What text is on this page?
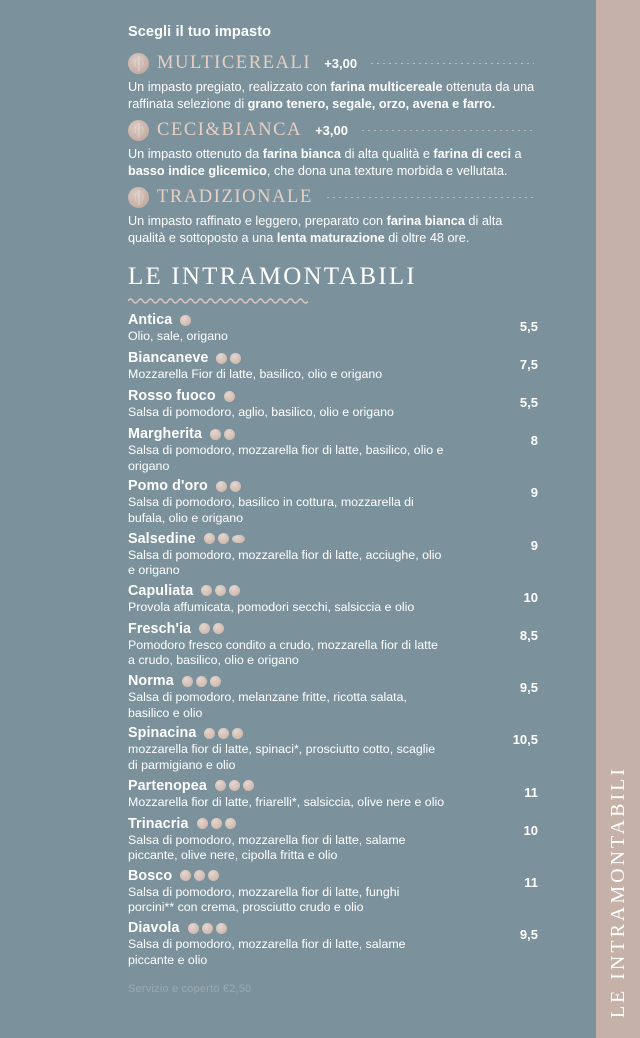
Scegli il tuo impasto
MULTICEREALI +3,00
Un impasto pregiato, realizzato con farina multicereale ottenuta da una raffinata selezione di grano tenero, segale, orzo, avena e farro.
CECI&BIANCA +3,00
Un impasto ottenuto da farina bianca di alta qualità e farina di ceci a basso indice glicemico, che dona una texture morbida e vellutata.
TRADIZIONALE
Un impasto raffinato e leggero, preparato con farina bianca di alta qualità e sottoposto a una lenta maturazione di oltre 48 ore.
LE INTRAMONTABILI
Antica
Olio, sale, origano
5,5
Biancaneve
Mozzarella Fior di latte, basilico, olio e origano
7,5
Rosso fuoco
Salsa di pomodoro, aglio, basilico, olio e origano
5,5
Margherita
Salsa di pomodoro, mozzarella fior di latte, basilico, olio e origano
8
Pomo d'oro
Salsa di pomodoro, basilico in cottura, mozzarella di bufala, olio e origano
9
Salsedine
Salsa di pomodoro, mozzarella fior di latte, acciughe, olio e origano
9
Capuliata
Provola affumicata, pomodori secchi, salsiccia e olio
10
Fresch'ia
Pomodoro fresco condito a crudo, mozzarella fior di latte a crudo, basilico, olio e origano
8,5
Norma
Salsa di pomodoro, melanzane fritte, ricotta salata, basilico e olio
9,5
Spinacina
mozzarella fior di latte, spinaci*, prosciutto cotto, scaglie di parmigiano e olio
10,5
Partenopea
Mozzarella fior di latte, friarelli*, salsiccia, olive nere e olio
11
Trinacria
Salsa di pomodoro, mozzarella fior di latte, salame piccante, olive nere, cipolla fritta e olio
10
Bosco
Salsa di pomodoro, mozzarella fior di latte, funghi porcini** con crema, prosciutto crudo e olio
11
Diavola
Salsa di pomodoro, mozzarella fior di latte, salame piccante e olio
9,5
Servizio e coperto €2,50	LE INTRAMONTABILI
